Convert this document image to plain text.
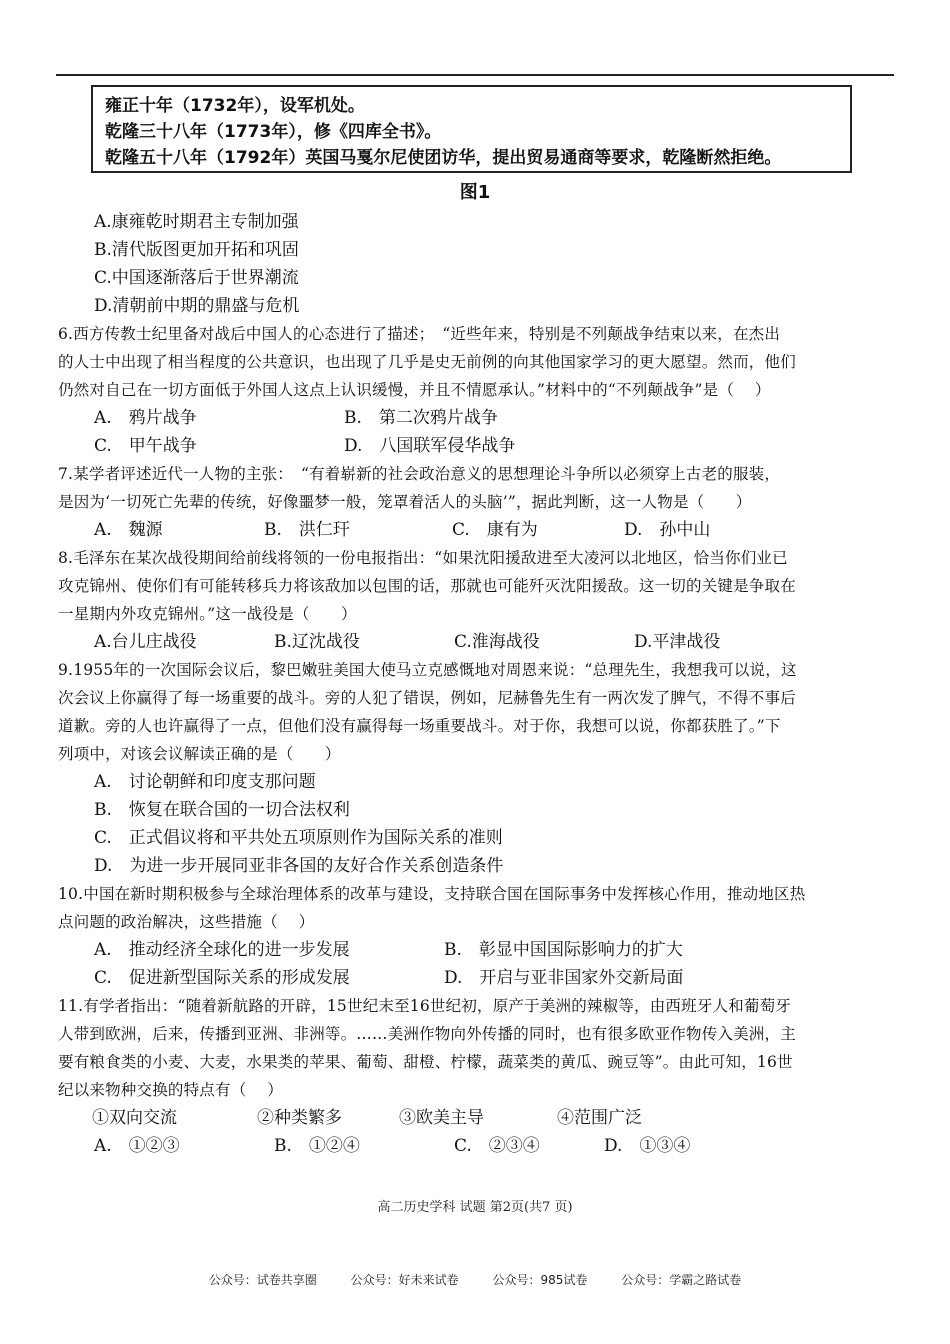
雍正十年（1732年），设军机处。
乾隆三十八年（1773年），修《四库全书》。
乾隆五十八年（1792年）英国马戛尔尼使团访华，提出贸易通商等要求，乾隆断然拒绝。
图1
A.康雍乾时期君主专制加强
B.清代版图更加开拓和巩固
C.中国逐渐落后于世界潮流
D.清朝前中期的鼎盛与危机
6.西方传教士纪里备对战后中国人的心态进行了描述；　“近些年来，特别是不列颠战争结束以来，在杰出
的人士中出现了相当程度的公共意识，也出现了几乎是史无前例的向其他国家学习的更大愿望。然而，他们
仍然对自己在一切方面低于外国人这点上认识缓慢，并且不情愿承认。”材料中的“不列颠战争”是（　 ）
A.　鸦片战争	B.　第二次鸦片战争
C.　甲午战争	D.　八国联军侵华战争
7.某学者评述近代一人物的主张：　“有着崭新的社会政治意义的思想理论斗争所以必须穿上古老的服装，
是因为‘一切死亡先辈的传统，好像噩梦一般，笼罩着活人的头脑’”，据此判断，这一人物是（　　）
A.　魏源	B.　洪仁玕	C.　康有为	D.　孙中山
8.毛泽东在某次战役期间给前线将领的一份电报指出：“如果沈阳援敌进至大凌河以北地区，恰当你们业已
攻克锦州、使你们有可能转移兵力将该敌加以包围的话，那就也可能歼灭沈阳援敌。这一切的关键是争取在
一星期内外攻克锦州。”这一战役是（　　）
A.台儿庄战役	B.辽沈战役	C.淮海战役	D.平津战役
9.1955年的一次国际会议后，黎巴嫩驻美国大使马立克感慨地对周恩来说：“总理先生，我想我可以说，这
次会议上你赢得了每一场重要的战斗。旁的人犯了错误，例如，尼赫鲁先生有一两次发了脾气，不得不事后
道歉。旁的人也许赢得了一点，但他们没有赢得每一场重要战斗。对于你，我想可以说，你都获胜了。”下
列项中，对该会议解读正确的是（　　）
A.　讨论朝鲜和印度支那问题
B.　恢复在联合国的一切合法权利
C.　正式倡议将和平共处五项原则作为国际关系的准则
D.　为进一步开展同亚非各国的友好合作关系创造条件
10.中国在新时期积极参与全球治理体系的改革与建设，支持联合国在国际事务中发挥核心作用，推动地区热
点问题的政治解决，这些措施（　 ）
A.　推动经济全球化的进一步发展	B.　彰显中国国际影响力的扩大
C.　促进新型国际关系的形成发展	D.　开启与亚非国家外交新局面
11.有学者指出：“随着新航路的开辟，15世纪末至16世纪初，原产于美洲的辣椒等，由西班牙人和葡萄牙
人带到欧洲，后来，传播到亚洲、非洲等。……美洲作物向外传播的同时，也有很多欧亚作物传入美洲，主
要有粮食类的小麦、大麦，水果类的苹果、葡萄、甜橙、柠檬，蔬菜类的黄瓜、豌豆等”。由此可知，16世
纪以来物种交换的特点有（　 ）
①双向交流	②种类繁多	③欧美主导	④范围广泛
A.　①②③	B.　①②④	C.　②③④	D.　①③④
高二历史学科 试题 第2页(共7 页)
公众号：试卷共享圈	公众号：好未来试卷	公众号：985试卷	公众号：学霸之路试卷
